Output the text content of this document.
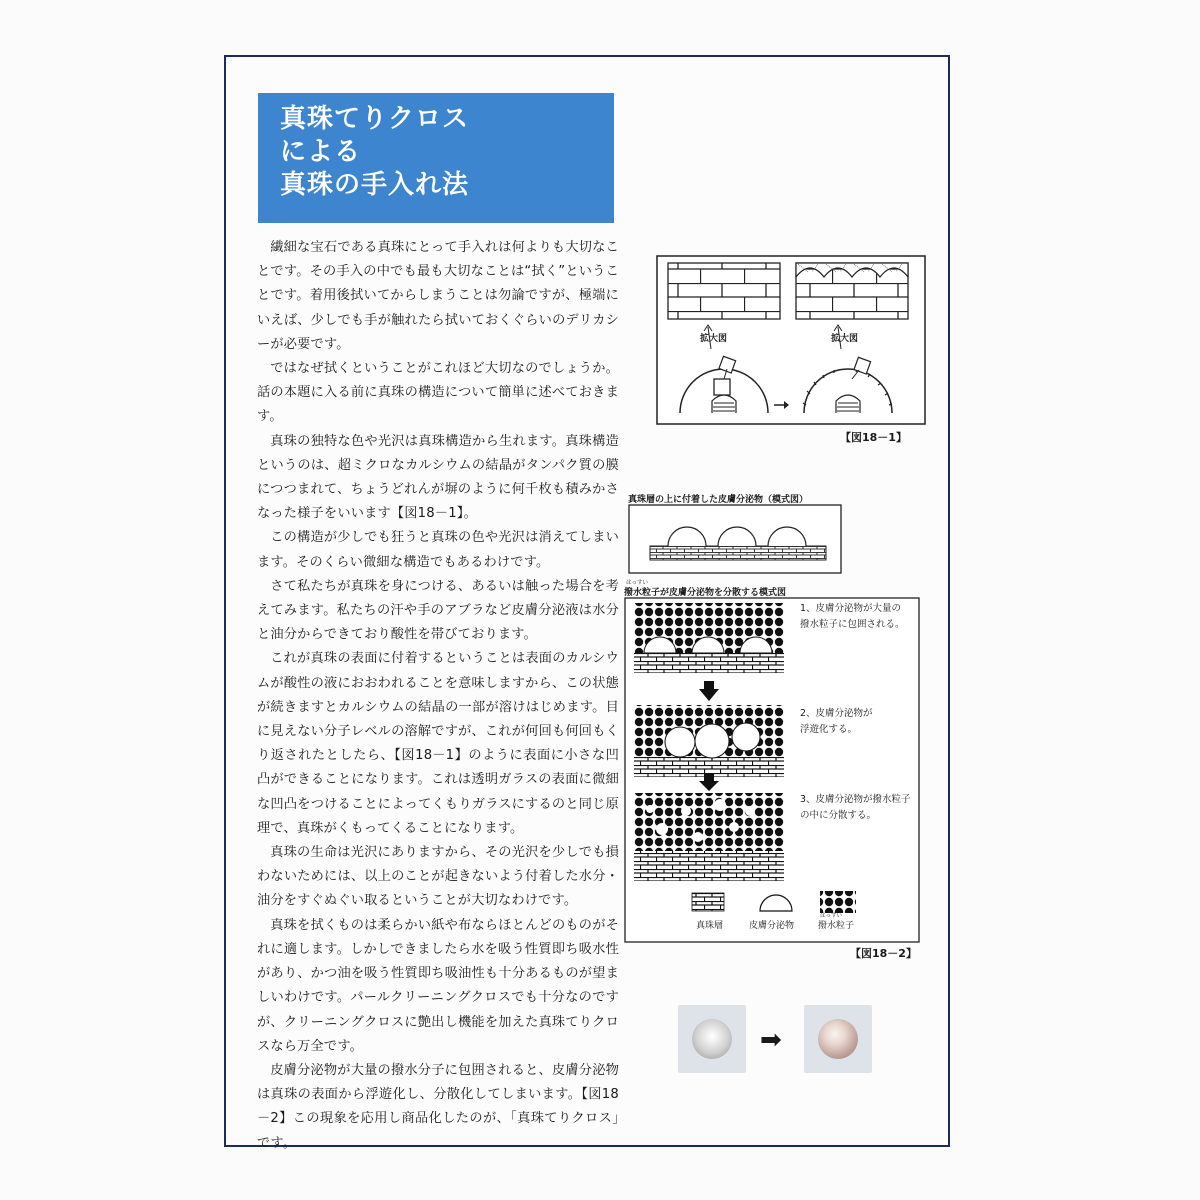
真珠てりクロス
による
真珠の手入れ法

繊細な宝石である真珠にとって手入れは何よりも大切なことです。その手入の中でも最も大切なことは“拭く”ということです。着用後拭いてからしまうことは勿論ですが、極端にいえば、少しでも手が触れたら拭いておくぐらいのデリカシーが必要です。

ではなぜ拭くということがこれほど大切なのでしょうか。話の本題に入る前に真珠の構造について簡単に述べておきます。

真珠の独特な色や光沢は真珠構造から生れます。真珠構造というのは、超ミクロなカルシウムの結晶がタンパク質の膜につつまれて、ちょうどれんが塀のように何千枚も積みかさなった様子をいいます【図18－1】。

この構造が少しでも狂うと真珠の色や光沢は消えてしまいます。そのくらい微細な構造でもあるわけです。

さて私たちが真珠を身につける、あるいは触った場合を考えてみます。私たちの汗や手のアブラなど皮膚分泌液は水分と油分からできており酸性を帯びております。

これが真珠の表面に付着するということは表面のカルシウムが酸性の液におおわれることを意味しますから、この状態が続きますとカルシウムの結晶の一部が溶けはじめます。目に見えない分子レベルの溶解ですが、これが何回も何回もくり返されたとしたら、【図18－1】のように表面に小さな凹凸ができることになります。これは透明ガラスの表面に微細な凹凸をつけることによってくもりガラスにするのと同じ原理で、真珠がくもってくることになります。

真珠の生命は光沢にありますから、その光沢を少しでも損わないためには、以上のことが起きないよう付着した水分・油分をすぐぬぐい取るということが大切なわけです。

真珠を拭くものは柔らかい紙や布ならほとんどのものがそれに適します。しかしできましたら水を吸う性質即ち吸水性があり、かつ油を吸う性質即ち吸油性も十分あるものが望ましいわけです。パールクリーニングクロスでも十分なのですが、クリーニングクロスに艶出し機能を加えた真珠てりクロスなら万全です。

皮膚分泌物が大量の撥水分子に包囲されると、皮膚分泌物は真珠の表面から浮遊化し、分散化してしまいます。【図18－2】この現象を応用し商品化したのが、「真珠てりクロス」です。

拡大図	拡大図
【図18－1】
真珠層の上に付着した皮膚分泌物（模式図）
はっすい
撥水粒子が皮膚分泌物を分散する模式図
1、皮膚分泌物が大量の
撥水粒子に包囲される。
2、皮膚分泌物が
浮遊化する。
3、皮膚分泌物が撥水粒子
の中に分散する。
真珠層	皮膚分泌物
はっすい
撥水粒子
【図18－2】
➡
